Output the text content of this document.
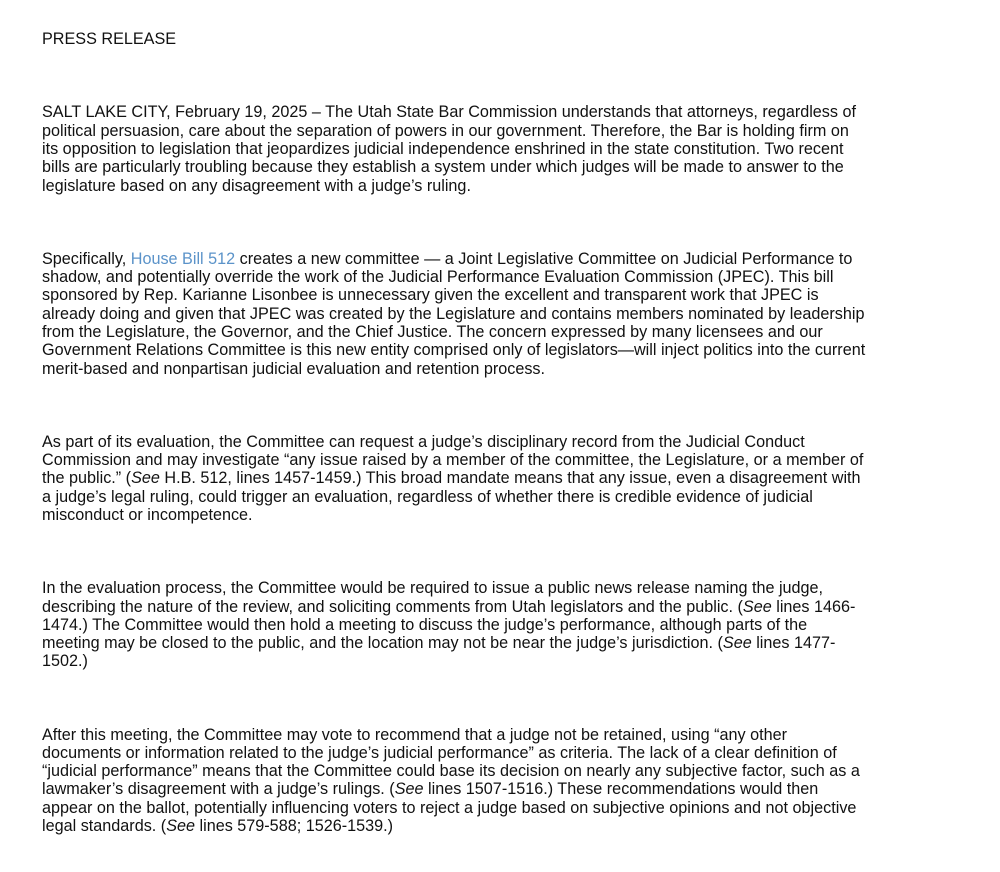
PRESS RELEASE

SALT LAKE CITY, February 19, 2025 – The Utah State Bar Commission understands that attorneys, regardless of
political persuasion, care about the separation of powers in our government. Therefore, the Bar is holding firm on
its opposition to legislation that jeopardizes judicial independence enshrined in the state constitution. Two recent
bills are particularly troubling because they establish a system under which judges will be made to answer to the
legislature based on any disagreement with a judge’s ruling.

Specifically, House Bill 512 creates a new committee — a Joint Legislative Committee on Judicial Performance to
shadow, and potentially override the work of the Judicial Performance Evaluation Commission (JPEC). This bill
sponsored by Rep. Karianne Lisonbee is unnecessary given the excellent and transparent work that JPEC is
already doing and given that JPEC was created by the Legislature and contains members nominated by leadership
from the Legislature, the Governor, and the Chief Justice. The concern expressed by many licensees and our
Government Relations Committee is this new entity comprised only of legislators—will inject politics into the current
merit-based and nonpartisan judicial evaluation and retention process.

As part of its evaluation, the Committee can request a judge’s disciplinary record from the Judicial Conduct
Commission and may investigate “any issue raised by a member of the committee, the Legislature, or a member of
the public.” (See H.B. 512, lines 1457-1459.) This broad mandate means that any issue, even a disagreement with
a judge’s legal ruling, could trigger an evaluation, regardless of whether there is credible evidence of judicial
misconduct or incompetence.

In the evaluation process, the Committee would be required to issue a public news release naming the judge,
describing the nature of the review, and soliciting comments from Utah legislators and the public. (See lines 1466-
1474.) The Committee would then hold a meeting to discuss the judge’s performance, although parts of the
meeting may be closed to the public, and the location may not be near the judge’s jurisdiction. (See lines 1477-
1502.)

After this meeting, the Committee may vote to recommend that a judge not be retained, using “any other
documents or information related to the judge’s judicial performance” as criteria. The lack of a clear definition of
“judicial performance” means that the Committee could base its decision on nearly any subjective factor, such as a
lawmaker’s disagreement with a judge’s rulings. (See lines 1507-1516.) These recommendations would then
appear on the ballot, potentially influencing voters to reject a judge based on subjective opinions and not objective
legal standards. (See lines 579-588; 1526-1539.)
